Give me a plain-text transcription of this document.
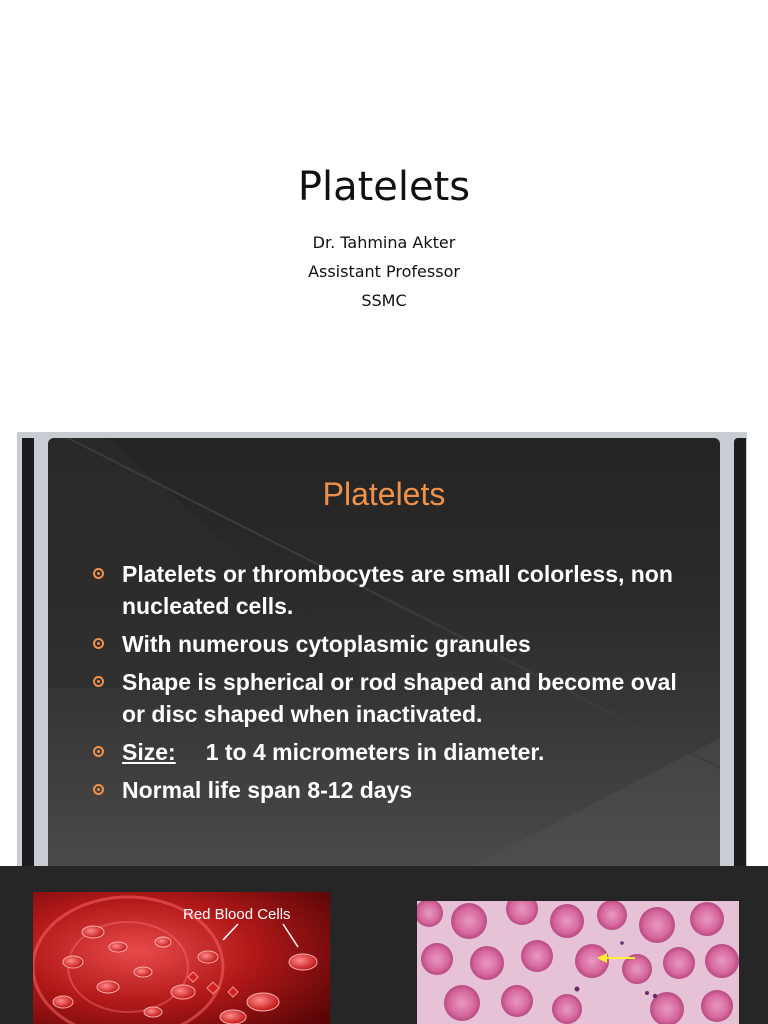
Platelets
Dr. Tahmina Akter
Assistant Professor
SSMC
Platelets
Platelets or thrombocytes are small colorless, non nucleated cells.
With numerous cytoplasmic granules
Shape is spherical or rod shaped and become oval or disc shaped when inactivated.
Size: 1 to 4 micrometers in diameter.
Normal life span 8-12 days
Red Blood Cells
